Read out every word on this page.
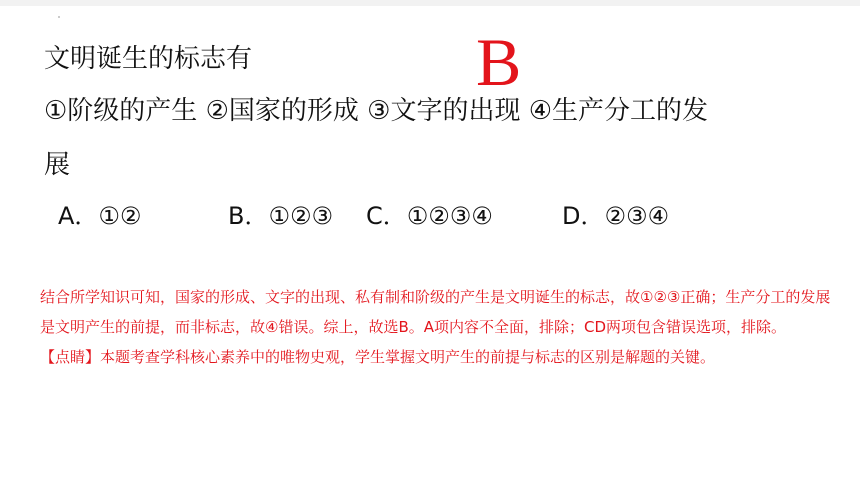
B
文明诞生的标志有
①阶级的产生 ②国家的形成 ③文字的出现 ④生产分工的发
展
A．①②	B．①②③ C．①②③④	D．②③④

结合所学知识可知，国家的形成、文字的出现、私有制和阶级的产生是文明诞生的标志，故①②③正确；生产分工的发展是文明产生的前提，而非标志，故④错误。综上，故选B。A项内容不全面，排除；CD两项包含错误选项，排除。

【点睛】本题考查学科核心素养中的唯物史观，学生掌握文明产生的前提与标志的区别是解题的关键。
